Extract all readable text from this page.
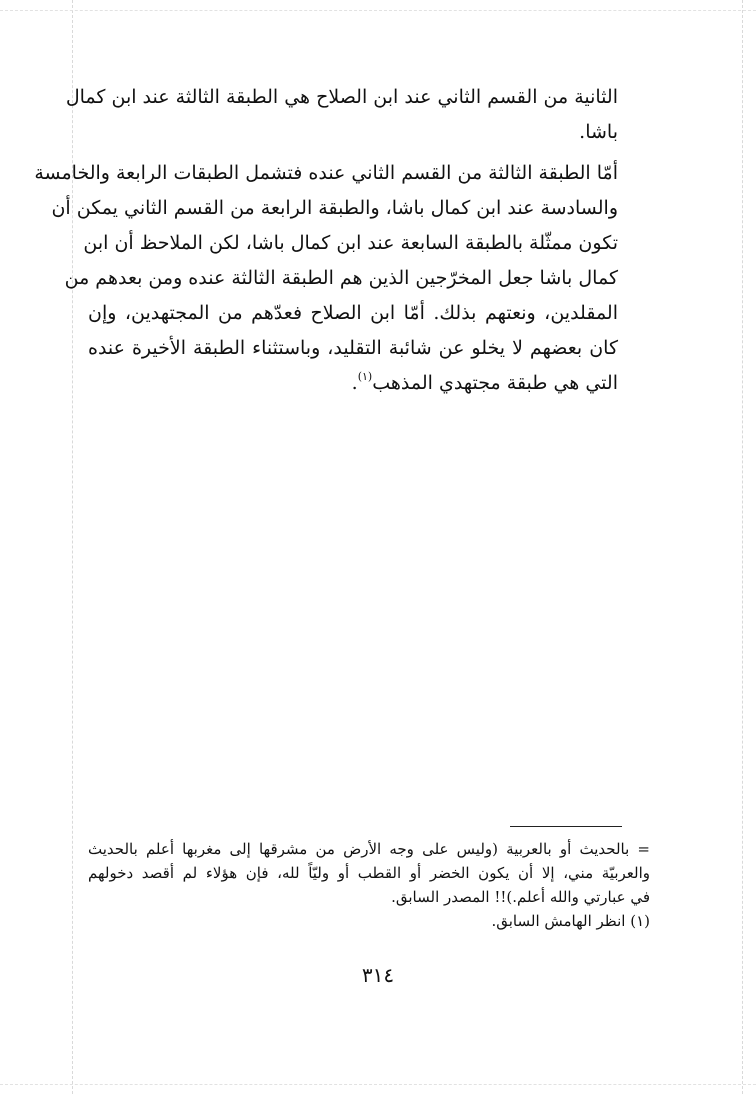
الثانية من القسم الثاني عند ابن الصلاح هي الطبقة الثالثة عند ابن كمال
باشا.
أمّا الطبقة الثالثة من القسم الثاني عنده فتشمل الطبقات الرابعة والخامسة
والسادسة عند ابن كمال باشا، والطبقة الرابعة من القسم الثاني يمكن أن
تكون ممثّلة بالطبقة السابعة عند ابن كمال باشا، لكن الملاحظ أن ابن
كمال باشا جعل المخرّجين الذين هم الطبقة الثالثة عنده ومن بعدهم من
المقلدين، ونعتهم بذلك. أمّا ابن الصلاح فعدّهم من المجتهدين، وإن
كان بعضهم لا يخلو عن شائبة التقليد، وباستثناء الطبقة الأخيرة عنده
التي هي طبقة مجتهدي المذهب$^{(١)}$.
= بالحديث أو بالعربية (وليس على وجه الأرض من مشرقها إلى مغربها أعلم بالحديث
والعربيّة مني، إلا أن يكون الخضر أو القطب أو وليّاً لله، فإن هؤلاء لم أقصد دخولهم
في عبارتي والله أعلم.)!! المصدر السابق.
(١) انظر الهامش السابق.
٣١٤
